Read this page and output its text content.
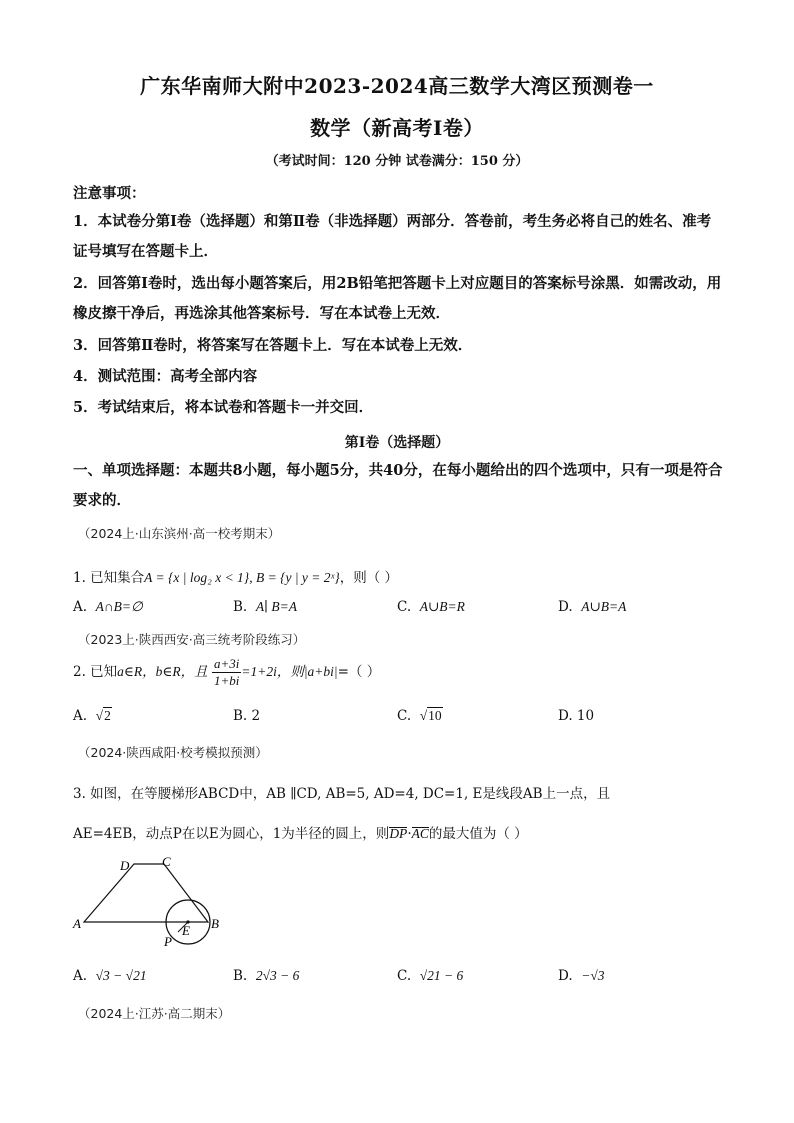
广东华南师大附中2023-2024高三数学大湾区预测卷一
数学（新高考I卷）
（考试时间：120 分钟 试卷满分：150 分）
注意事项：
1．本试卷分第Ⅰ卷（选择题）和第Ⅱ卷（非选择题）两部分．答卷前，考生务必将自己的姓名、准考证号填写在答题卡上．
2．回答第Ⅰ卷时，选出每小题答案后，用2B铅笔把答题卡上对应题目的答案标号涂黑．如需改动，用橡皮擦干净后，再选涂其他答案标号．写在本试卷上无效．
3．回答第Ⅱ卷时，将答案写在答题卡上．写在本试卷上无效．
4．测试范围：高考全部内容
5．考试结束后，将本试卷和答题卡一并交回．
第Ⅰ卷（选择题）
一、单项选择题：本题共8小题，每小题5分，共40分，在每小题给出的四个选项中，只有一项是符合要求的．
（2024上·山东滨州·高一校考期末）
1. 已知集合A = {x | log₂ x < 1}, B = {y | y = 2ˣ}，则（ ）
A. A∩B=∅	B. A∣ B=A	C. A∪B=R	D. A∪B=A
（2023上·陕西西安·高三统考阶段练习）
2. 已知a∈R，b∈R，且 $\frac{a+3i}{1+bi} =1+2i$，则|a+bi|=（ ）
A. √2	B. 2	C. √10	D. 10
（2024·陕西咸阳·校考模拟预测）
3. 如图，在等腰梯形ABCD中，AB ∥CD, AB=5, AD=4, DC=1, E是线段AB上一点，且
AE=4EB，动点P在以E为圆心，1为半径的圆上，则DP·AC的最大值为（ ）
D	C
A	B
E
P
A. √3 − √21	B. 2√3 − 6	C. √21 − 6	D. −√3
（2024上·江苏·高二期末）
